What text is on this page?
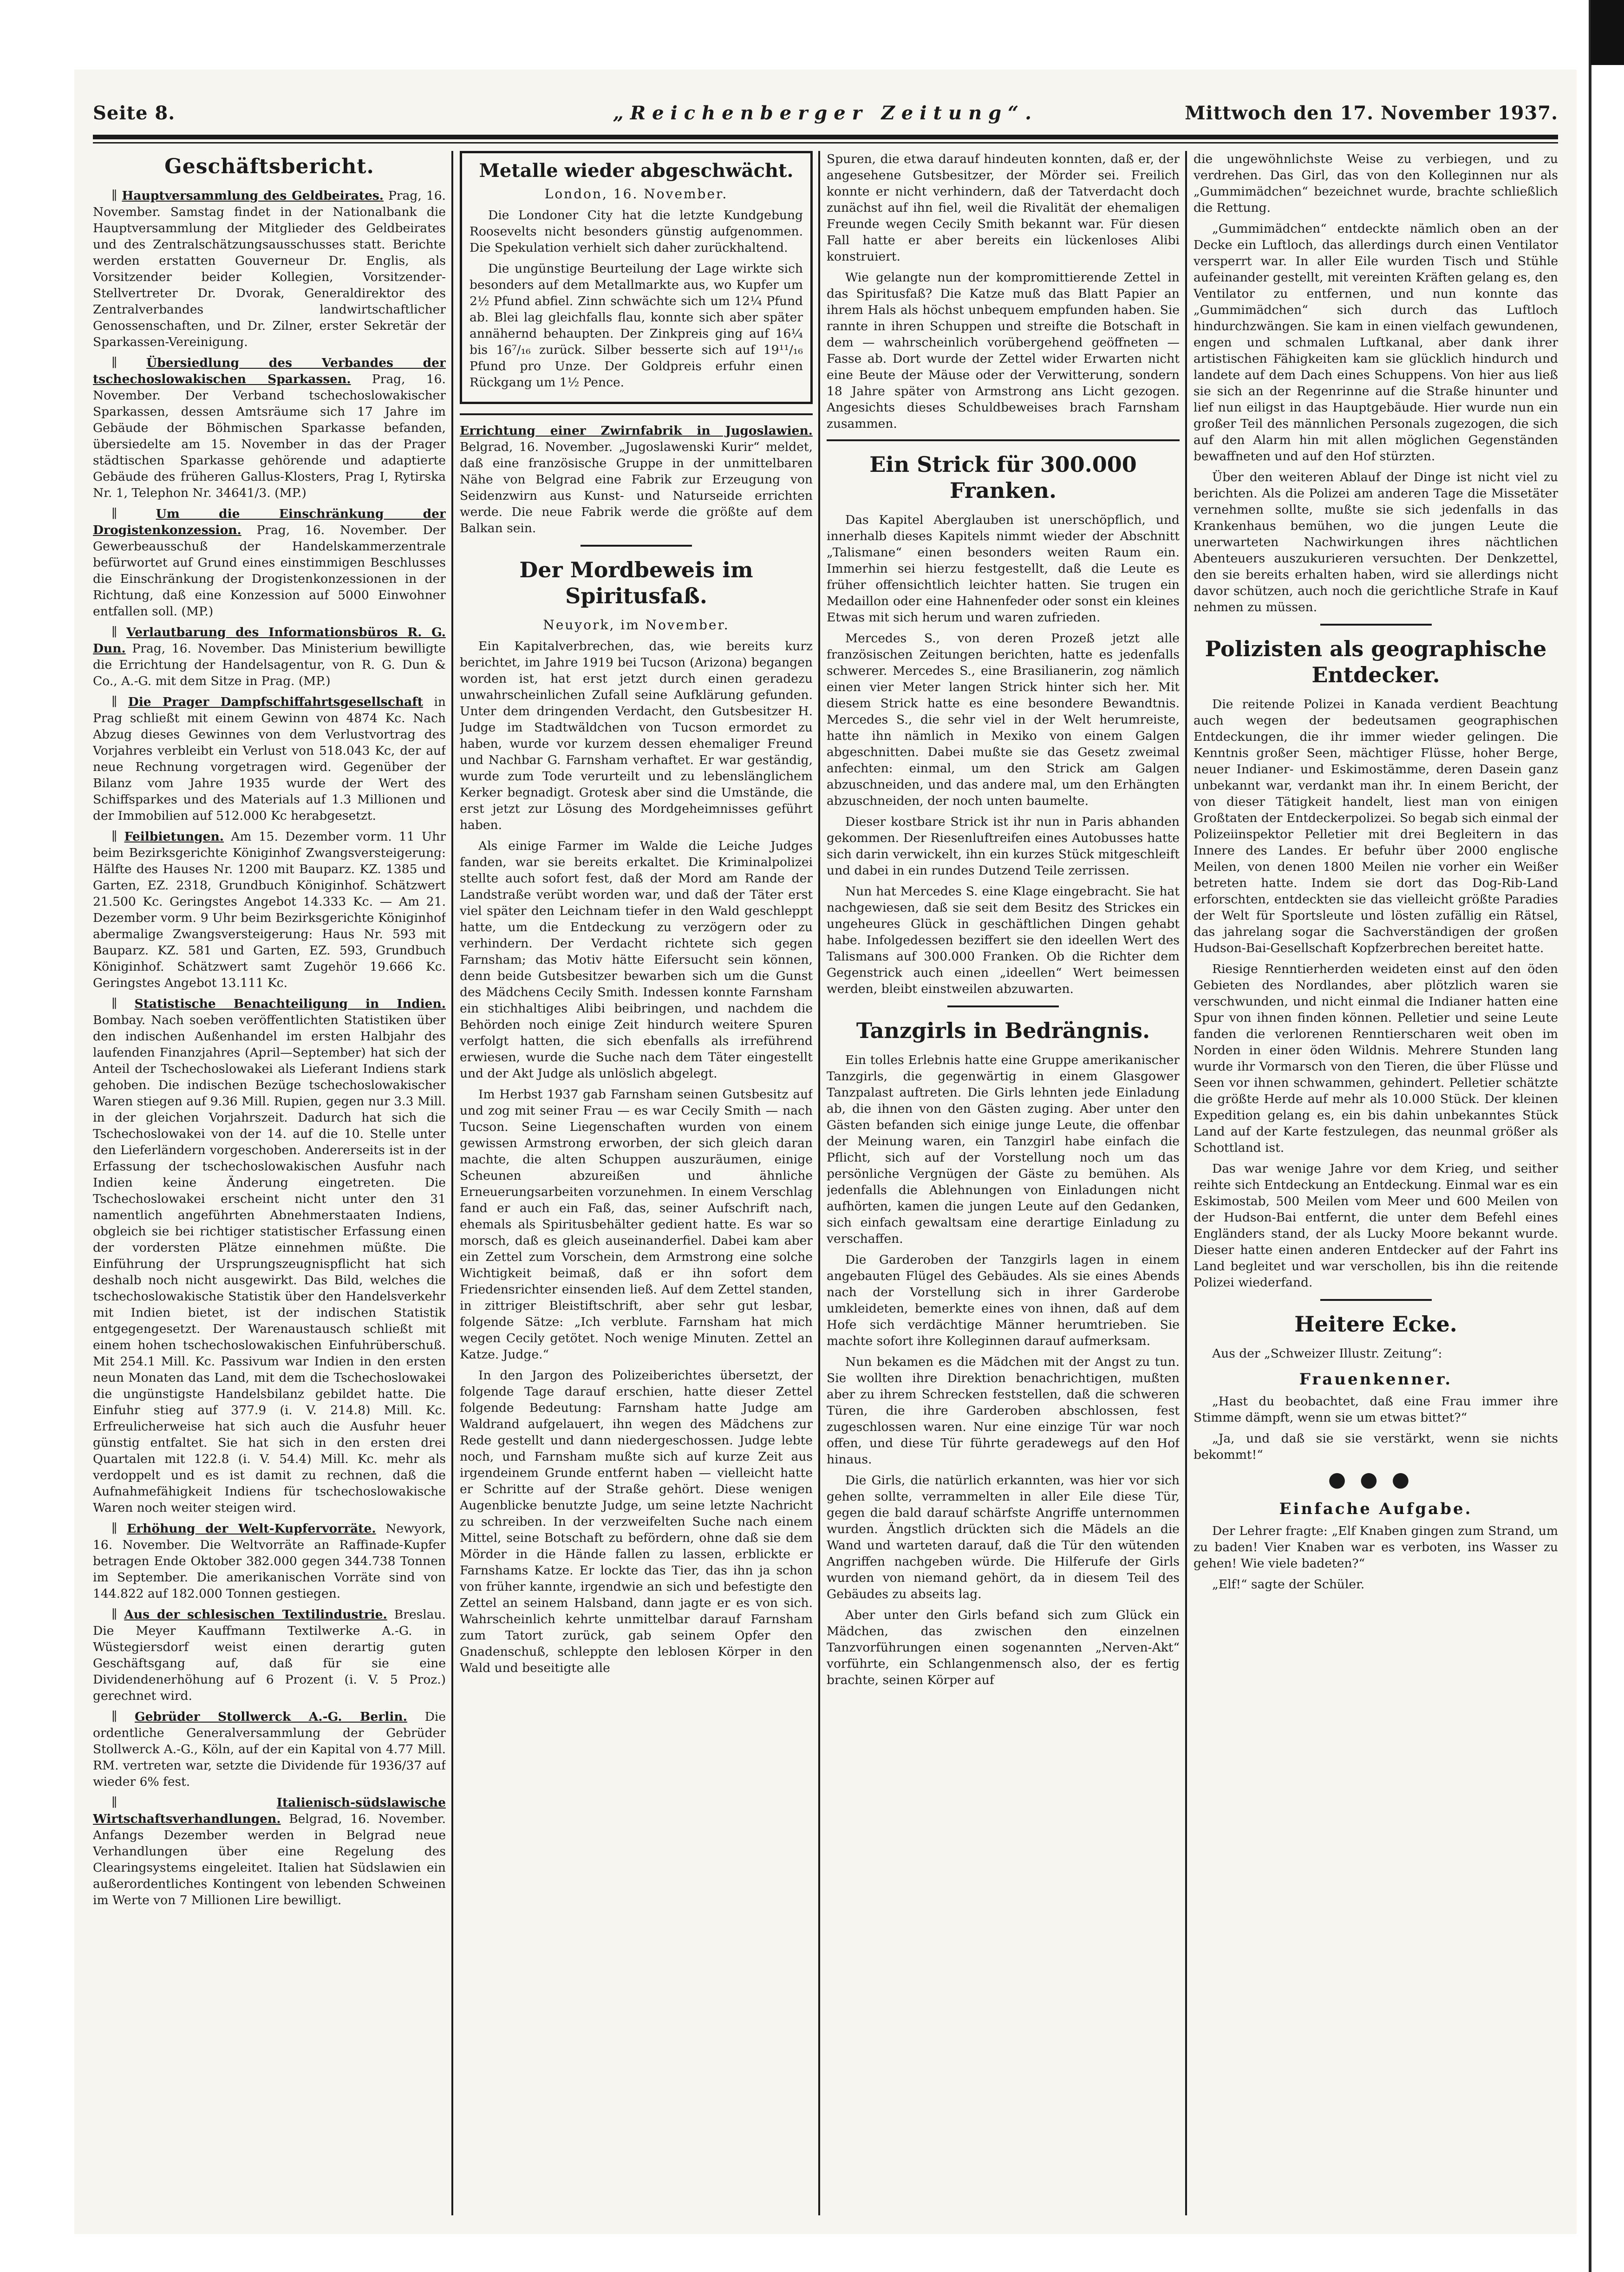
Seite 8.	„Reichenberger Zeitung“.	Mittwoch den 17. November 1937.
Geschäftsbericht.

∥ Hauptversammlung des Geldbeirates. Prag, 16. November. Samstag findet in der Nationalbank die Hauptversammlung der Mitglieder des Geldbeirates und des Zentralschätzungsausschusses statt. Berichte werden erstatten Gouverneur Dr. Englis, als Vorsitzender beider Kollegien, Vorsitzender-Stellvertreter Dr. Dvorak, Generaldirektor des Zentralverbandes landwirtschaftlicher Genossenschaften, und Dr. Zilner, erster Sekretär der Sparkassen-Vereinigung.

∥ Übersiedlung des Verbandes der tschechoslowakischen Sparkassen. Prag, 16. November. Der Verband tschechoslowakischer Sparkassen, dessen Amtsräume sich 17 Jahre im Gebäude der Böhmischen Sparkasse befanden, übersiedelte am 15. November in das der Prager städtischen Sparkasse gehörende und adaptierte Gebäude des früheren Gallus-Klosters, Prag I, Rytirska Nr. 1, Telephon Nr. 34641/3. (MP.)

∥ Um die Einschränkung der Drogistenkonzession. Prag, 16. November. Der Gewerbeausschuß der Handelskammerzentrale befürwortet auf Grund eines einstimmigen Beschlusses die Einschränkung der Drogistenkonzessionen in der Richtung, daß eine Konzession auf 5000 Einwohner entfallen soll. (MP.)

∥ Verlautbarung des Informationsbüros R. G. Dun. Prag, 16. November. Das Ministerium bewilligte die Errichtung der Handelsagentur, von R. G. Dun & Co., A.-G. mit dem Sitze in Prag. (MP.)

∥ Die Prager Dampfschiffahrtsgesellschaft in Prag schließt mit einem Gewinn von 4874 Kc. Nach Abzug dieses Gewinnes von dem Verlustvortrag des Vorjahres verbleibt ein Verlust von 518.043 Kc, der auf neue Rechnung vorgetragen wird. Gegenüber der Bilanz vom Jahre 1935 wurde der Wert des Schiffsparkes und des Materials auf 1.3 Millionen und der Immobilien auf 512.000 Kc herabgesetzt.

∥ Feilbietungen. Am 15. Dezember vorm. 11 Uhr beim Bezirksgerichte Königinhof Zwangsversteigerung: Hälfte des Hauses Nr. 1200 mit Bauparz. KZ. 1385 und Garten, EZ. 2318, Grundbuch Königinhof. Schätzwert 21.500 Kc. Geringstes Angebot 14.333 Kc. — Am 21. Dezember vorm. 9 Uhr beim Bezirksgerichte Königinhof abermalige Zwangsversteigerung: Haus Nr. 593 mit Bauparz. KZ. 581 und Garten, EZ. 593, Grundbuch Königinhof. Schätzwert samt Zugehör 19.666 Kc. Geringstes Angebot 13.111 Kc.

∥ Statistische Benachteiligung in Indien. Bombay. Nach soeben veröffentlichten Statistiken über den indischen Außenhandel im ersten Halbjahr des laufenden Finanzjahres (April—September) hat sich der Anteil der Tschechoslowakei als Lieferant Indiens stark gehoben. Die indischen Bezüge tschechoslowakischer Waren stiegen auf 9.36 Mill. Rupien, gegen nur 3.3 Mill. in der gleichen Vorjahrszeit. Dadurch hat sich die Tschechoslowakei von der 14. auf die 10. Stelle unter den Lieferländern vorgeschoben. Andererseits ist in der Erfassung der tschechoslowakischen Ausfuhr nach Indien keine Änderung eingetreten. Die Tschechoslowakei erscheint nicht unter den 31 namentlich angeführten Abnehmerstaaten Indiens, obgleich sie bei richtiger statistischer Erfassung einen der vordersten Plätze einnehmen müßte. Die Einführung der Ursprungszeugnispflicht hat sich deshalb noch nicht ausgewirkt. Das Bild, welches die tschechoslowakische Statistik über den Handelsverkehr mit Indien bietet, ist der indischen Statistik entgegengesetzt. Der Warenaustausch schließt mit einem hohen tschechoslowakischen Einfuhrüberschuß. Mit 254.1 Mill. Kc. Passivum war Indien in den ersten neun Monaten das Land, mit dem die Tschechoslowakei die ungünstigste Handelsbilanz gebildet hatte. Die Einfuhr stieg auf 377.9 (i. V. 214.8) Mill. Kc. Erfreulicherweise hat sich auch die Ausfuhr heuer günstig entfaltet. Sie hat sich in den ersten drei Quartalen mit 122.8 (i. V. 54.4) Mill. Kc. mehr als verdoppelt und es ist damit zu rechnen, daß die Aufnahmefähigkeit Indiens für tschechoslowakische Waren noch weiter steigen wird.

∥ Erhöhung der Welt-Kupfervorräte. Newyork, 16. November. Die Weltvorräte an Raffinade-Kupfer betragen Ende Oktober 382.000 gegen 344.738 Tonnen im September. Die amerikanischen Vorräte sind von 144.822 auf 182.000 Tonnen gestiegen.

∥ Aus der schlesischen Textilindustrie. Breslau. Die Meyer Kauffmann Textilwerke A.-G. in Wüstegiersdorf weist einen derartig guten Geschäftsgang auf, daß für sie eine Dividendenerhöhung auf 6 Prozent (i. V. 5 Proz.) gerechnet wird.

∥ Gebrüder Stollwerck A.-G. Berlin. Die ordentliche Generalversammlung der Gebrüder Stollwerck A.-G., Köln, auf der ein Kapital von 4.77 Mill. RM. vertreten war, setzte die Dividende für 1936/37 auf wieder 6% fest.

∥ Italienisch-südslawische Wirtschaftsverhandlungen. Belgrad, 16. November. Anfangs Dezember werden in Belgrad neue Verhandlungen über eine Regelung des Clearingsystems eingeleitet. Italien hat Südslawien ein außerordentliches Kontingent von lebenden Schweinen im Werte von 7 Millionen Lire bewilligt.

Metalle wieder abgeschwächt.
London, 16. November.

Die Londoner City hat die letzte Kundgebung Roosevelts nicht besonders günstig aufgenommen. Die Spekulation verhielt sich daher zurückhaltend.

Die ungünstige Beurteilung der Lage wirkte sich besonders auf dem Metallmarkte aus, wo Kupfer um 2½ Pfund abfiel. Zinn schwächte sich um 12¼ Pfund ab. Blei lag gleichfalls flau, konnte sich aber später annähernd behaupten. Der Zinkpreis ging auf 16¼ bis 16⁷/₁₆ zurück. Silber besserte sich auf 19¹¹/₁₆ Pfund pro Unze. Der Goldpreis erfuhr einen Rückgang um 1½ Pence.

Errichtung einer Zwirnfabrik in Jugoslawien. Belgrad, 16. November. „Jugoslawenski Kurir“ meldet, daß eine französische Gruppe in der unmittelbaren Nähe von Belgrad eine Fabrik zur Erzeugung von Seidenzwirn aus Kunst- und Naturseide errichten werde. Die neue Fabrik werde die größte auf dem Balkan sein.

Der Mordbeweis im Spiritusfaß.
Neuyork, im November.

Ein Kapitalverbrechen, das, wie bereits kurz berichtet, im Jahre 1919 bei Tucson (Arizona) begangen worden ist, hat erst jetzt durch einen geradezu unwahrscheinlichen Zufall seine Aufklärung gefunden. Unter dem dringenden Verdacht, den Gutsbesitzer H. Judge im Stadtwäldchen von Tucson ermordet zu haben, wurde vor kurzem dessen ehemaliger Freund und Nachbar G. Farnsham verhaftet. Er war geständig, wurde zum Tode verurteilt und zu lebenslänglichem Kerker begnadigt. Grotesk aber sind die Umstände, die erst jetzt zur Lösung des Mordgeheimnisses geführt haben.

Als einige Farmer im Walde die Leiche Judges fanden, war sie bereits erkaltet. Die Kriminalpolizei stellte auch sofort fest, daß der Mord am Rande der Landstraße verübt worden war, und daß der Täter erst viel später den Leichnam tiefer in den Wald geschleppt hatte, um die Entdeckung zu verzögern oder zu verhindern. Der Verdacht richtete sich gegen Farnsham; das Motiv hätte Eifersucht sein können, denn beide Gutsbesitzer bewarben sich um die Gunst des Mädchens Cecily Smith. Indessen konnte Farnsham ein stichhaltiges Alibi beibringen, und nachdem die Behörden noch einige Zeit hindurch weitere Spuren verfolgt hatten, die sich ebenfalls als irreführend erwiesen, wurde die Suche nach dem Täter eingestellt und der Akt Judge als unlöslich abgelegt.

Im Herbst 1937 gab Farnsham seinen Gutsbesitz auf und zog mit seiner Frau — es war Cecily Smith — nach Tucson. Seine Liegenschaften wurden von einem gewissen Armstrong erworben, der sich gleich daran machte, die alten Schuppen auszuräumen, einige Scheunen abzureißen und ähnliche Erneuerungsarbeiten vorzunehmen. In einem Verschlag fand er auch ein Faß, das, seiner Aufschrift nach, ehemals als Spiritusbehälter gedient hatte. Es war so morsch, daß es gleich auseinanderfiel. Dabei kam aber ein Zettel zum Vorschein, dem Armstrong eine solche Wichtigkeit beimaß, daß er ihn sofort dem Friedensrichter einsenden ließ. Auf dem Zettel standen, in zittriger Bleistiftschrift, aber sehr gut lesbar, folgende Sätze: „Ich verblute. Farnsham hat mich wegen Cecily getötet. Noch wenige Minuten. Zettel an Katze. Judge.“

In den Jargon des Polizeiberichtes übersetzt, der folgende Tage darauf erschien, hatte dieser Zettel folgende Bedeutung: Farnsham hatte Judge am Waldrand aufgelauert, ihn wegen des Mädchens zur Rede gestellt und dann niedergeschossen. Judge lebte noch, und Farnsham mußte sich auf kurze Zeit aus irgendeinem Grunde entfernt haben — vielleicht hatte er Schritte auf der Straße gehört. Diese wenigen Augenblicke benutzte Judge, um seine letzte Nachricht zu schreiben. In der verzweifelten Suche nach einem Mittel, seine Botschaft zu befördern, ohne daß sie dem Mörder in die Hände fallen zu lassen, erblickte er Farnshams Katze. Er lockte das Tier, das ihn ja schon von früher kannte, irgendwie an sich und befestigte den Zettel an seinem Halsband, dann jagte er es von sich. Wahrscheinlich kehrte unmittelbar darauf Farnsham zum Tatort zurück, gab seinem Opfer den Gnadenschuß, schleppte den leblosen Körper in den Wald und beseitigte alle

Spuren, die etwa darauf hindeuten konnten, daß er, der angesehene Gutsbesitzer, der Mörder sei. Freilich konnte er nicht verhindern, daß der Tatverdacht doch zunächst auf ihn fiel, weil die Rivalität der ehemaligen Freunde wegen Cecily Smith bekannt war. Für diesen Fall hatte er aber bereits ein lückenloses Alibi konstruiert.

Wie gelangte nun der kompromittierende Zettel in das Spiritusfaß? Die Katze muß das Blatt Papier an ihrem Hals als höchst unbequem empfunden haben. Sie rannte in ihren Schuppen und streifte die Botschaft in dem — wahrscheinlich vorübergehend geöffneten — Fasse ab. Dort wurde der Zettel wider Erwarten nicht eine Beute der Mäuse oder der Verwitterung, sondern 18 Jahre später von Armstrong ans Licht gezogen. Angesichts dieses Schuldbeweises brach Farnsham zusammen.

Ein Strick für 300.000 Franken.

Das Kapitel Aberglauben ist unerschöpflich, und innerhalb dieses Kapitels nimmt wieder der Abschnitt „Talismane“ einen besonders weiten Raum ein. Immerhin sei hierzu festgestellt, daß die Leute es früher offensichtlich leichter hatten. Sie trugen ein Medaillon oder eine Hahnenfeder oder sonst ein kleines Etwas mit sich herum und waren zufrieden.

Mercedes S., von deren Prozeß jetzt alle französischen Zeitungen berichten, hatte es jedenfalls schwerer. Mercedes S., eine Brasilianerin, zog nämlich einen vier Meter langen Strick hinter sich her. Mit diesem Strick hatte es eine besondere Bewandtnis. Mercedes S., die sehr viel in der Welt herumreiste, hatte ihn nämlich in Mexiko von einem Galgen abgeschnitten. Dabei mußte sie das Gesetz zweimal anfechten: einmal, um den Strick am Galgen abzuschneiden, und das andere mal, um den Erhängten abzuschneiden, der noch unten baumelte.

Dieser kostbare Strick ist ihr nun in Paris abhanden gekommen. Der Riesenluftreifen eines Autobusses hatte sich darin verwickelt, ihn ein kurzes Stück mitgeschleift und dabei in ein rundes Dutzend Teile zerrissen.

Nun hat Mercedes S. eine Klage eingebracht. Sie hat nachgewiesen, daß sie seit dem Besitz des Strickes ein ungeheures Glück in geschäftlichen Dingen gehabt habe. Infolgedessen beziffert sie den ideellen Wert des Talismans auf 300.000 Franken. Ob die Richter dem Gegenstrick auch einen „ideellen“ Wert beimessen werden, bleibt einstweilen abzuwarten.

Tanzgirls in Bedrängnis.

Ein tolles Erlebnis hatte eine Gruppe amerikanischer Tanzgirls, die gegenwärtig in einem Glasgower Tanzpalast auftreten. Die Girls lehnten jede Einladung ab, die ihnen von den Gästen zuging. Aber unter den Gästen befanden sich einige junge Leute, die offenbar der Meinung waren, ein Tanzgirl habe einfach die Pflicht, sich auf der Vorstellung noch um das persönliche Vergnügen der Gäste zu bemühen. Als jedenfalls die Ablehnungen von Einladungen nicht aufhörten, kamen die jungen Leute auf den Gedanken, sich einfach gewaltsam eine derartige Einladung zu verschaffen.

Die Garderoben der Tanzgirls lagen in einem angebauten Flügel des Gebäudes. Als sie eines Abends nach der Vorstellung sich in ihrer Garderobe umkleideten, bemerkte eines von ihnen, daß auf dem Hofe sich verdächtige Männer herumtrieben. Sie machte sofort ihre Kolleginnen darauf aufmerksam.

Nun bekamen es die Mädchen mit der Angst zu tun. Sie wollten ihre Direktion benachrichtigen, mußten aber zu ihrem Schrecken feststellen, daß die schweren Türen, die ihre Garderoben abschlossen, fest zugeschlossen waren. Nur eine einzige Tür war noch offen, und diese Tür führte geradewegs auf den Hof hinaus.

Die Girls, die natürlich erkannten, was hier vor sich gehen sollte, verrammelten in aller Eile diese Tür, gegen die bald darauf schärfste Angriffe unternommen wurden. Ängstlich drückten sich die Mädels an die Wand und warteten darauf, daß die Tür den wütenden Angriffen nachgeben würde. Die Hilferufe der Girls wurden von niemand gehört, da in diesem Teil des Gebäudes zu abseits lag.

Aber unter den Girls befand sich zum Glück ein Mädchen, das zwischen den einzelnen Tanzvorführungen einen sogenannten „Nerven-Akt“ vorführte, ein Schlangenmensch also, der es fertig brachte, seinen Körper auf

die ungewöhnlichste Weise zu verbiegen, und zu verdrehen. Das Girl, das von den Kolleginnen nur als „Gummimädchen“ bezeichnet wurde, brachte schließlich die Rettung.

„Gummimädchen“ entdeckte nämlich oben an der Decke ein Luftloch, das allerdings durch einen Ventilator versperrt war. In aller Eile wurden Tisch und Stühle aufeinander gestellt, mit vereinten Kräften gelang es, den Ventilator zu entfernen, und nun konnte das „Gummimädchen“ sich durch das Luftloch hindurchzwängen. Sie kam in einen vielfach gewundenen, engen und schmalen Luftkanal, aber dank ihrer artistischen Fähigkeiten kam sie glücklich hindurch und landete auf dem Dach eines Schuppens. Von hier aus ließ sie sich an der Regenrinne auf die Straße hinunter und lief nun eiligst in das Hauptgebäude. Hier wurde nun ein großer Teil des männlichen Personals zugezogen, die sich auf den Alarm hin mit allen möglichen Gegenständen bewaffneten und auf den Hof stürzten.

Über den weiteren Ablauf der Dinge ist nicht viel zu berichten. Als die Polizei am anderen Tage die Missetäter vernehmen sollte, mußte sie sich jedenfalls in das Krankenhaus bemühen, wo die jungen Leute die unerwarteten Nachwirkungen ihres nächtlichen Abenteuers auszukurieren versuchten. Der Denkzettel, den sie bereits erhalten haben, wird sie allerdings nicht davor schützen, auch noch die gerichtliche Strafe in Kauf nehmen zu müssen.

Polizisten als geographische Entdecker.

Die reitende Polizei in Kanada verdient Beachtung auch wegen der bedeutsamen geographischen Entdeckungen, die ihr immer wieder gelingen. Die Kenntnis großer Seen, mächtiger Flüsse, hoher Berge, neuer Indianer- und Eskimostämme, deren Dasein ganz unbekannt war, verdankt man ihr. In einem Bericht, der von dieser Tätigkeit handelt, liest man von einigen Großtaten der Entdeckerpolizei. So begab sich einmal der Polizeiinspektor Pelletier mit drei Begleitern in das Innere des Landes. Er befuhr über 2000 englische Meilen, von denen 1800 Meilen nie vorher ein Weißer betreten hatte. Indem sie dort das Dog-Rib-Land erforschten, entdeckten sie das vielleicht größte Paradies der Welt für Sportsleute und lösten zufällig ein Rätsel, das jahrelang sogar die Sachverständigen der großen Hudson-Bai-Gesellschaft Kopfzerbrechen bereitet hatte.

Riesige Renntierherden weideten einst auf den öden Gebieten des Nordlandes, aber plötzlich waren sie verschwunden, und nicht einmal die Indianer hatten eine Spur von ihnen finden können. Pelletier und seine Leute fanden die verlorenen Renntierscharen weit oben im Norden in einer öden Wildnis. Mehrere Stunden lang wurde ihr Vormarsch von den Tieren, die über Flüsse und Seen vor ihnen schwammen, gehindert. Pelletier schätzte die größte Herde auf mehr als 10.000 Stück. Der kleinen Expedition gelang es, ein bis dahin unbekanntes Stück Land auf der Karte festzulegen, das neunmal größer als Schottland ist.

Das war wenige Jahre vor dem Krieg, und seither reihte sich Entdeckung an Entdeckung. Einmal war es ein Eskimostab, 500 Meilen vom Meer und 600 Meilen von der Hudson-Bai entfernt, die unter dem Befehl eines Engländers stand, der als Lucky Moore bekannt wurde. Dieser hatte einen anderen Entdecker auf der Fahrt ins Land begleitet und war verschollen, bis ihn die reitende Polizei wiederfand.

Heitere Ecke.

Aus der „Schweizer Illustr. Zeitung“:

Frauenkenner.

„Hast du beobachtet, daß eine Frau immer ihre Stimme dämpft, wenn sie um etwas bittet?“

„Ja, und daß sie sie verstärkt, wenn sie nichts bekommt!“

●●●
Einfache Aufgabe.

Der Lehrer fragte: „Elf Knaben gingen zum Strand, um zu baden! Vier Knaben war es verboten, ins Wasser zu gehen! Wie viele badeten?“

„Elf!“ sagte der Schüler.
